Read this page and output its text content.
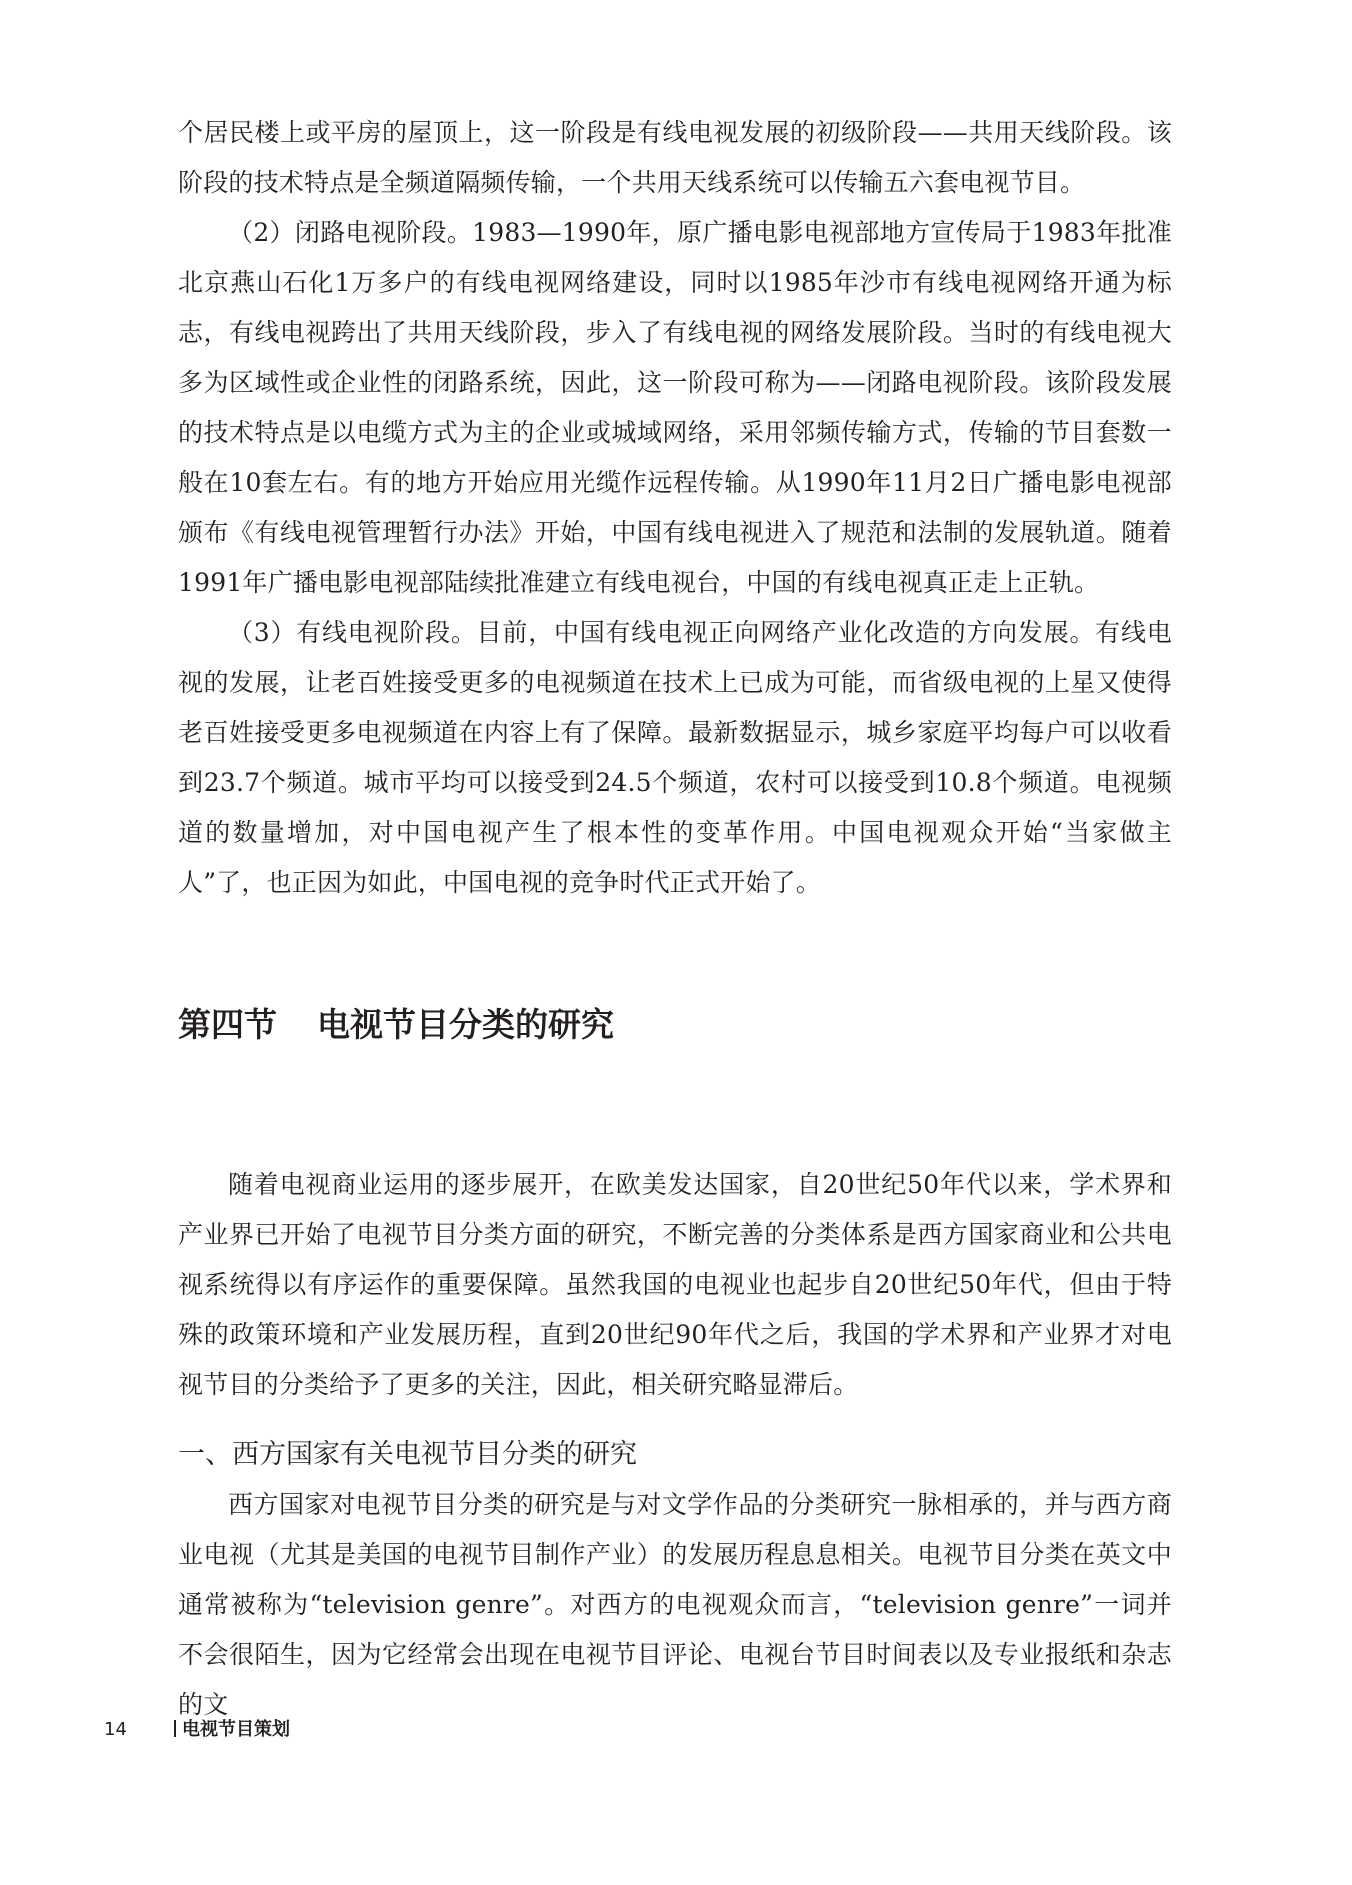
个居民楼上或平房的屋顶上，这一阶段是有线电视发展的初级阶段——共用天线阶段。该阶段的技术特点是全频道隔频传输，一个共用天线系统可以传输五六套电视节目。

（2）闭路电视阶段。1983—1990年，原广播电影电视部地方宣传局于1983年批准北京燕山石化1万多户的有线电视网络建设，同时以1985年沙市有线电视网络开通为标志，有线电视跨出了共用天线阶段，步入了有线电视的网络发展阶段。当时的有线电视大多为区域性或企业性的闭路系统，因此，这一阶段可称为——闭路电视阶段。该阶段发展的技术特点是以电缆方式为主的企业或城域网络，采用邻频传输方式，传输的节目套数一般在10套左右。有的地方开始应用光缆作远程传输。从1990年11月2日广播电影电视部颁布《有线电视管理暂行办法》开始，中国有线电视进入了规范和法制的发展轨道。随着1991年广播电影电视部陆续批准建立有线电视台，中国的有线电视真正走上正轨。

（3）有线电视阶段。目前，中国有线电视正向网络产业化改造的方向发展。有线电视的发展，让老百姓接受更多的电视频道在技术上已成为可能，而省级电视的上星又使得老百姓接受更多电视频道在内容上有了保障。最新数据显示，城乡家庭平均每户可以收看到23.7个频道。城市平均可以接受到24.5个频道，农村可以接受到10.8个频道。电视频道的数量增加，对中国电视产生了根本性的变革作用。中国电视观众开始“当家做主人”了，也正因为如此，中国电视的竞争时代正式开始了。

第四节 电视节目分类的研究

随着电视商业运用的逐步展开，在欧美发达国家，自20世纪50年代以来，学术界和产业界已开始了电视节目分类方面的研究，不断完善的分类体系是西方国家商业和公共电视系统得以有序运作的重要保障。虽然我国的电视业也起步自20世纪50年代，但由于特殊的政策环境和产业发展历程，直到20世纪90年代之后，我国的学术界和产业界才对电视节目的分类给予了更多的关注，因此，相关研究略显滞后。

一、西方国家有关电视节目分类的研究

西方国家对电视节目分类的研究是与对文学作品的分类研究一脉相承的，并与西方商业电视（尤其是美国的电视节目制作产业）的发展历程息息相关。电视节目分类在英文中通常被称为“television genre”。对西方的电视观众而言，“television genre”一词并不会很陌生，因为它经常会出现在电视节目评论、电视台节目时间表以及专业报纸和杂志的文

14	电视节目策划
